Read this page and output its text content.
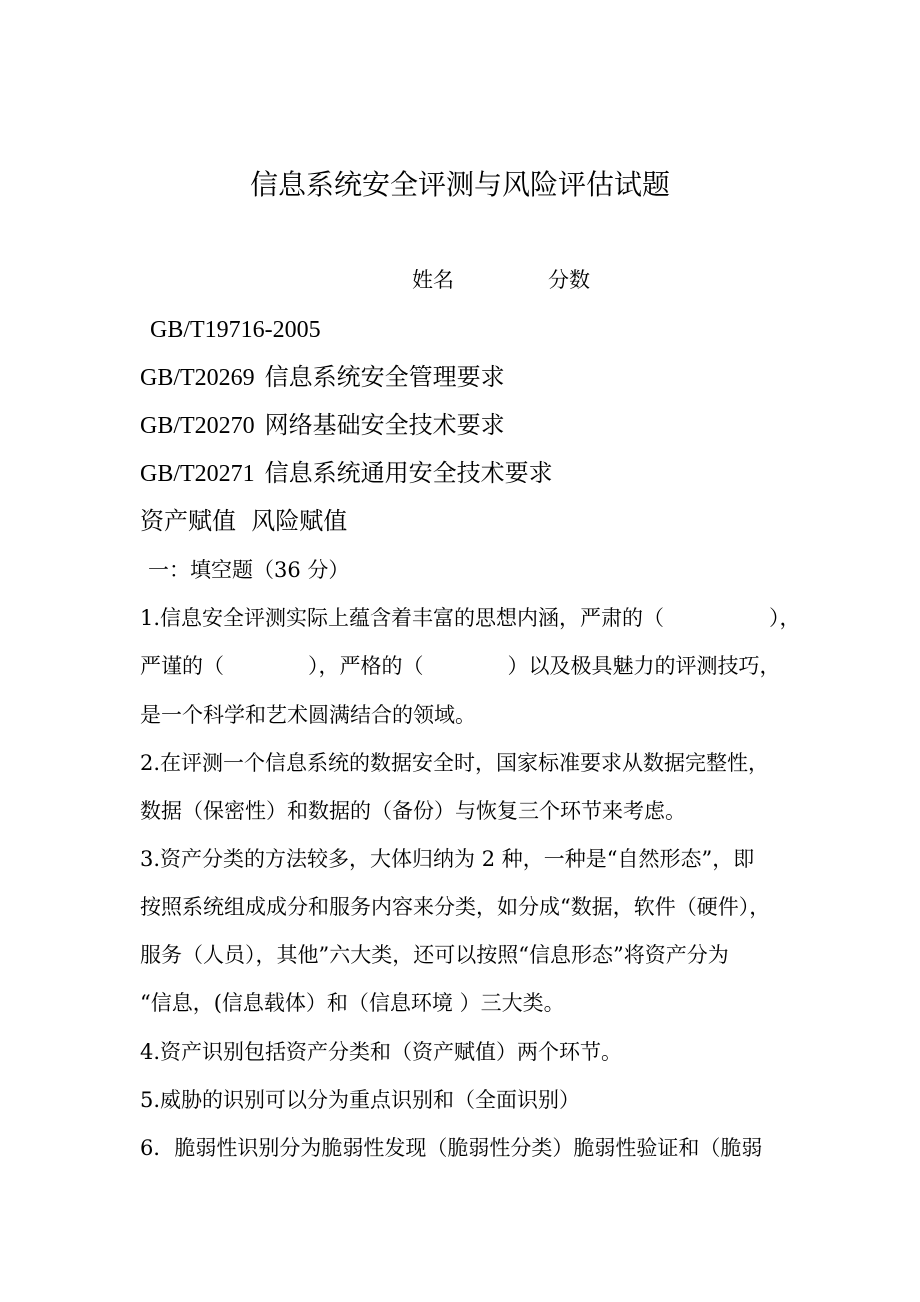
信息系统安全评测与风险评估试题
姓名	分数
GB/T19716-2005
GB/T20269 信息系统安全管理要求
GB/T20270 网络基础安全技术要求
GB/T20271 信息系统通用安全技术要求
资产赋值  风险赋值
一：填空题（36 分）
1.信息安全评测实际上蕴含着丰富的思想内涵，严肃的（　　　　　），
严谨的（　　　　），严格的（　　　　）以及极具魅力的评测技巧，
是一个科学和艺术圆满结合的领域。
2.在评测一个信息系统的数据安全时，国家标准要求从数据完整性，
数据（保密性）和数据的（备份）与恢复三个环节来考虑。
3.资产分类的方法较多，大体归纳为 2 种，一种是“自然形态”，即
按照系统组成成分和服务内容来分类，如分成“数据，软件（硬件），
服务（人员），其他”六大类，还可以按照“信息形态”将资产分为
“信息，(信息载体）和（信息环境 ）三大类。
4.资产识别包括资产分类和（资产赋值）两个环节。
5.威胁的识别可以分为重点识别和（全面识别）
6．脆弱性识别分为脆弱性发现（脆弱性分类）脆弱性验证和（脆弱
